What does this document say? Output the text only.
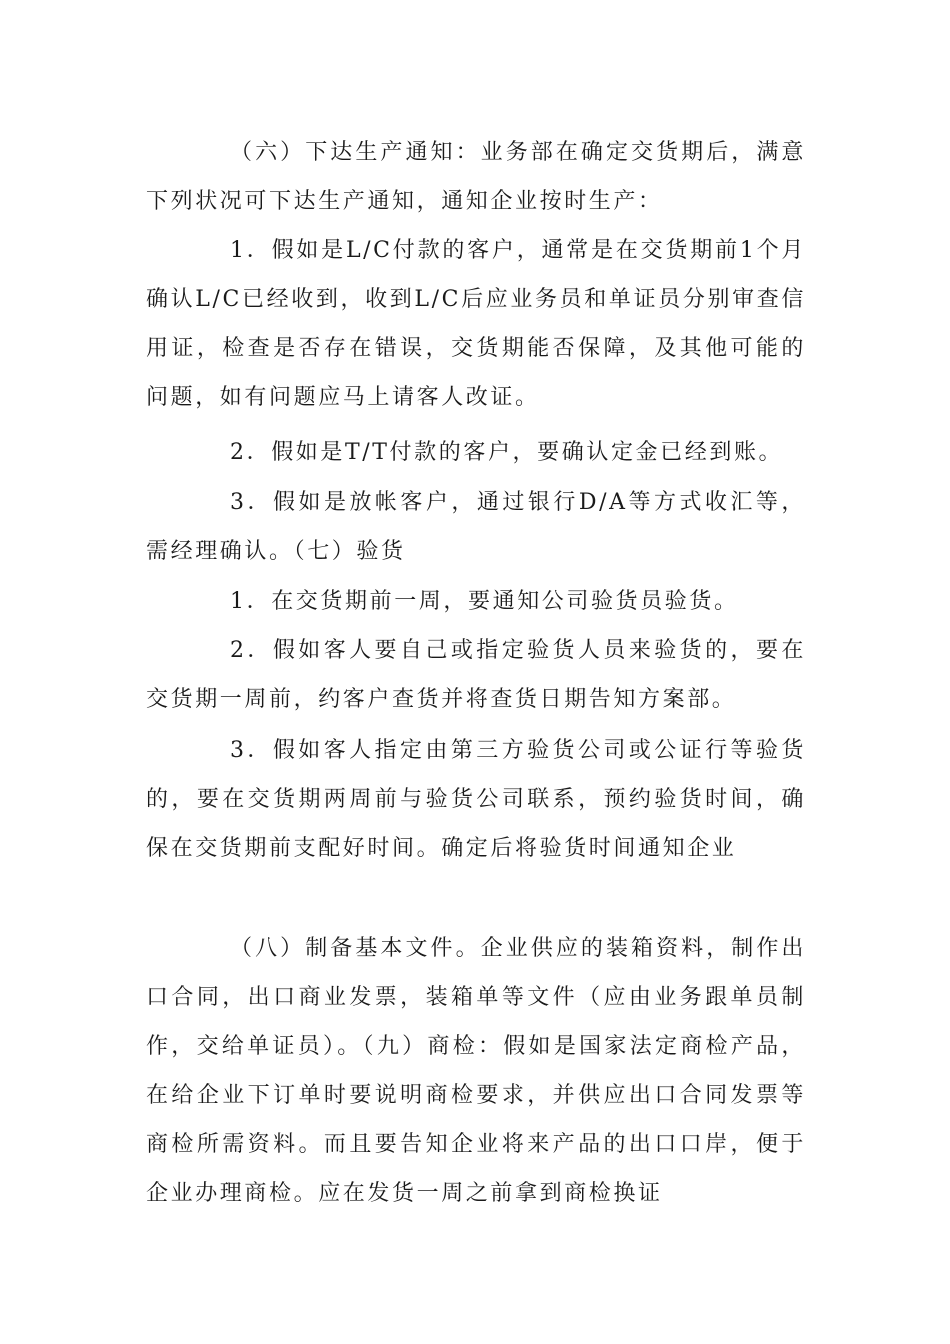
（六）下达生产通知：业务部在确定交货期后，满意下列状况可下达生产通知，通知企业按时生产：

1．假如是L/C付款的客户，通常是在交货期前1个月确认L/C已经收到，收到L/C后应业务员和单证员分别审查信用证，检查是否存在错误，交货期能否保障，及其他可能的问题，如有问题应马上请客人改证。

2．假如是T/T付款的客户，要确认定金已经到账。

3．假如是放帐客户，通过银行D/A等方式收汇等，需经理确认。（七）验货

1．在交货期前一周，要通知公司验货员验货。

2．假如客人要自己或指定验货人员来验货的，要在交货期一周前，约客户查货并将查货日期告知方案部。

3．假如客人指定由第三方验货公司或公证行等验货的，要在交货期两周前与验货公司联系，预约验货时间，确保在交货期前支配好时间。确定后将验货时间通知企业

（八）制备基本文件。企业供应的装箱资料，制作出口合同，出口商业发票，装箱单等文件（应由业务跟单员制作，交给单证员）。（九）商检：假如是国家法定商检产品，在给企业下订单时要说明商检要求，并供应出口合同发票等商检所需资料。而且要告知企业将来产品的出口口岸，便于企业办理商检。应在发货一周之前拿到商检换证
